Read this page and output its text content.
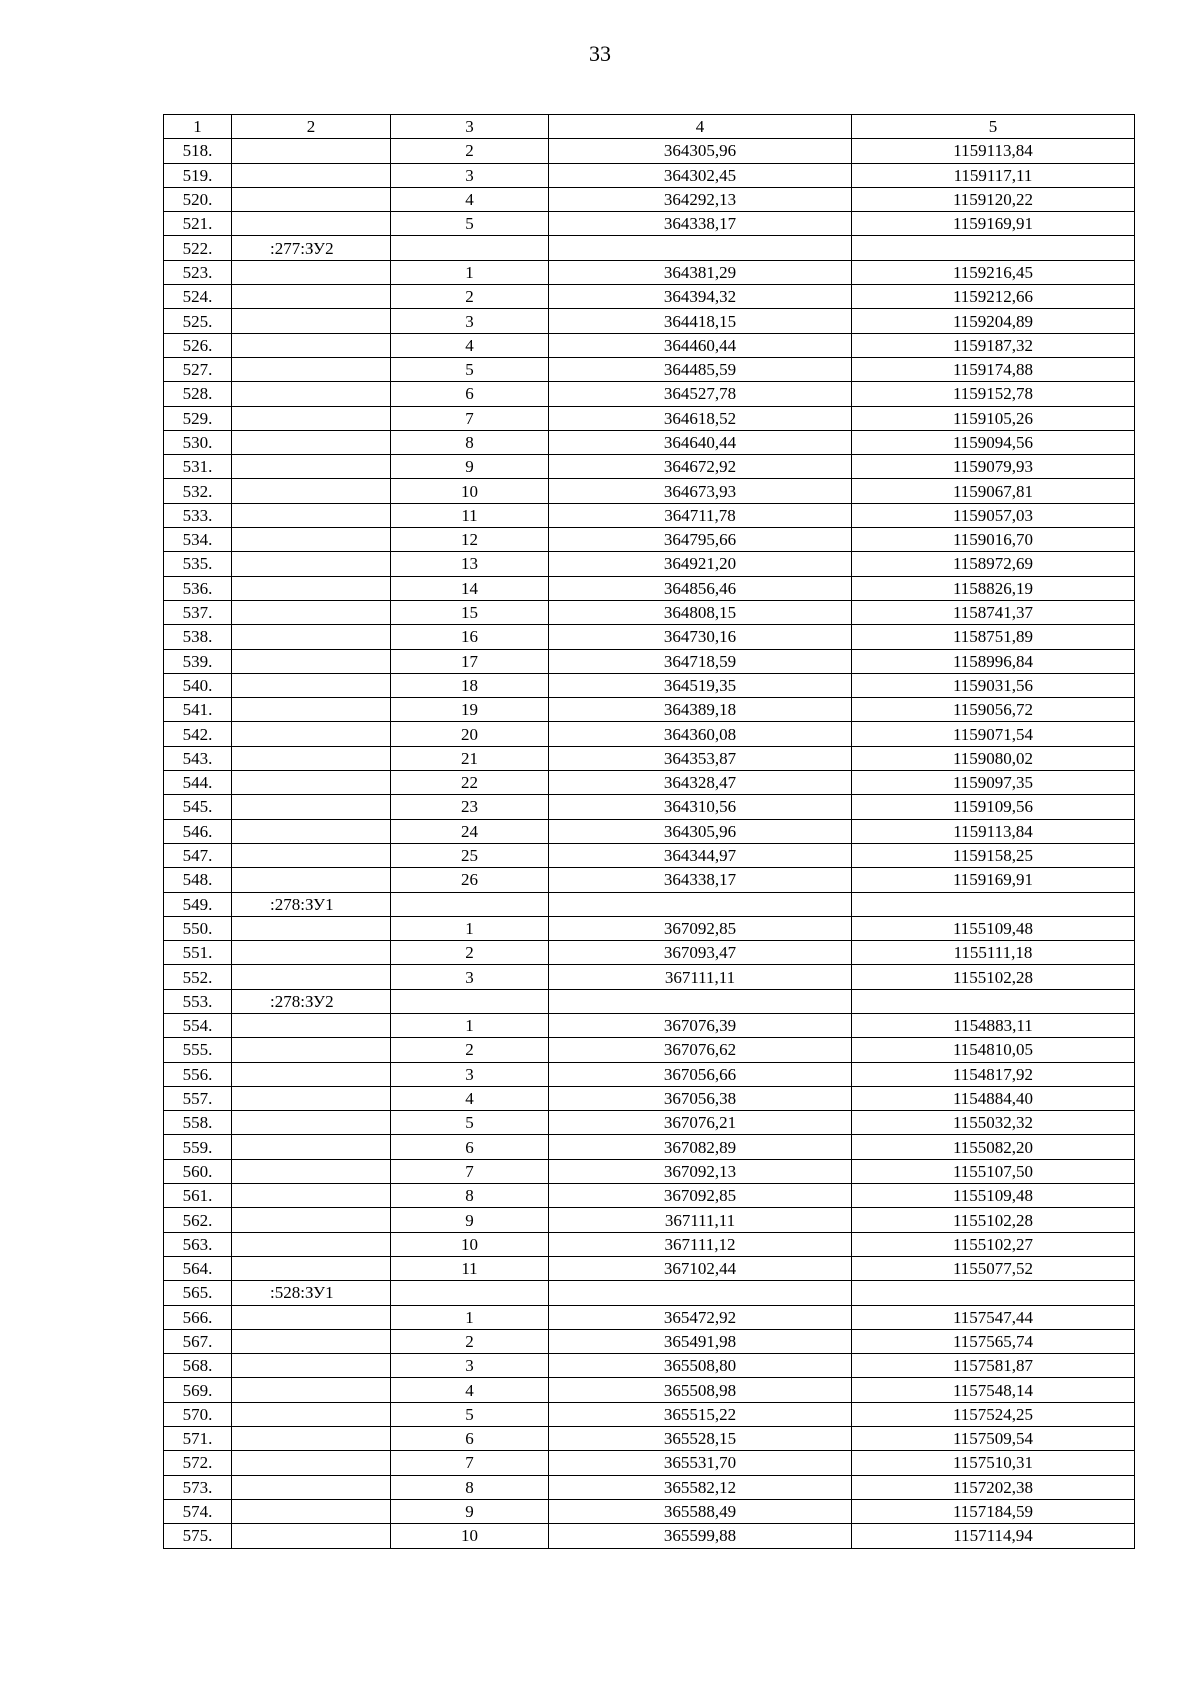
33
1	2	3	4	5
518.		2	364305,96	1159113,84
519.		3	364302,45	1159117,11
520.		4	364292,13	1159120,22
521.		5	364338,17	1159169,91
522.	:277:ЗУ2			
523.		1	364381,29	1159216,45
524.		2	364394,32	1159212,66
525.		3	364418,15	1159204,89
526.		4	364460,44	1159187,32
527.		5	364485,59	1159174,88
528.		6	364527,78	1159152,78
529.		7	364618,52	1159105,26
530.		8	364640,44	1159094,56
531.		9	364672,92	1159079,93
532.		10	364673,93	1159067,81
533.		11	364711,78	1159057,03
534.		12	364795,66	1159016,70
535.		13	364921,20	1158972,69
536.		14	364856,46	1158826,19
537.		15	364808,15	1158741,37
538.		16	364730,16	1158751,89
539.		17	364718,59	1158996,84
540.		18	364519,35	1159031,56
541.		19	364389,18	1159056,72
542.		20	364360,08	1159071,54
543.		21	364353,87	1159080,02
544.		22	364328,47	1159097,35
545.		23	364310,56	1159109,56
546.		24	364305,96	1159113,84
547.		25	364344,97	1159158,25
548.		26	364338,17	1159169,91
549.	:278:ЗУ1			
550.		1	367092,85	1155109,48
551.		2	367093,47	1155111,18
552.		3	367111,11	1155102,28
553.	:278:ЗУ2			
554.		1	367076,39	1154883,11
555.		2	367076,62	1154810,05
556.		3	367056,66	1154817,92
557.		4	367056,38	1154884,40
558.		5	367076,21	1155032,32
559.		6	367082,89	1155082,20
560.		7	367092,13	1155107,50
561.		8	367092,85	1155109,48
562.		9	367111,11	1155102,28
563.		10	367111,12	1155102,27
564.		11	367102,44	1155077,52
565.	:528:ЗУ1			
566.		1	365472,92	1157547,44
567.		2	365491,98	1157565,74
568.		3	365508,80	1157581,87
569.		4	365508,98	1157548,14
570.		5	365515,22	1157524,25
571.		6	365528,15	1157509,54
572.		7	365531,70	1157510,31
573.		8	365582,12	1157202,38
574.		9	365588,49	1157184,59
575.		10	365599,88	1157114,94
